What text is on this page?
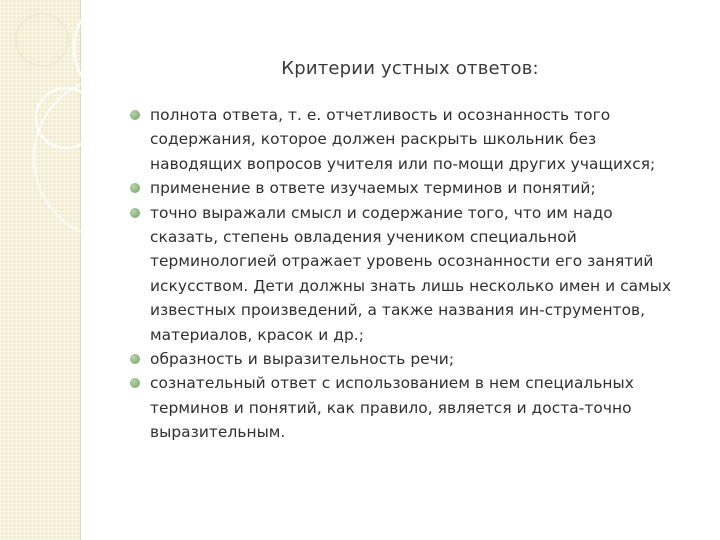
Критерии устных ответов:
полнота ответа, т. е. отчетливость и осознанность того
содержания, которое должен раскрыть школьник без
наводящих вопросов учителя или по-мощи других учащихся;
применение в ответе изучаемых терминов и понятий;
точно выражали смысл и содержание того, что им надо
сказать, степень овладения учеником специальной
терминологией отражает уровень осознанности его занятий
искусством. Дети должны знать лишь несколько имен и самых
известных произведений, а также названия ин-струментов,
материалов, красок и др.;
образность и выразительность речи;
сознательный ответ с использованием в нем специальных
терминов и понятий, как правило, является и доста-точно
выразительным.
